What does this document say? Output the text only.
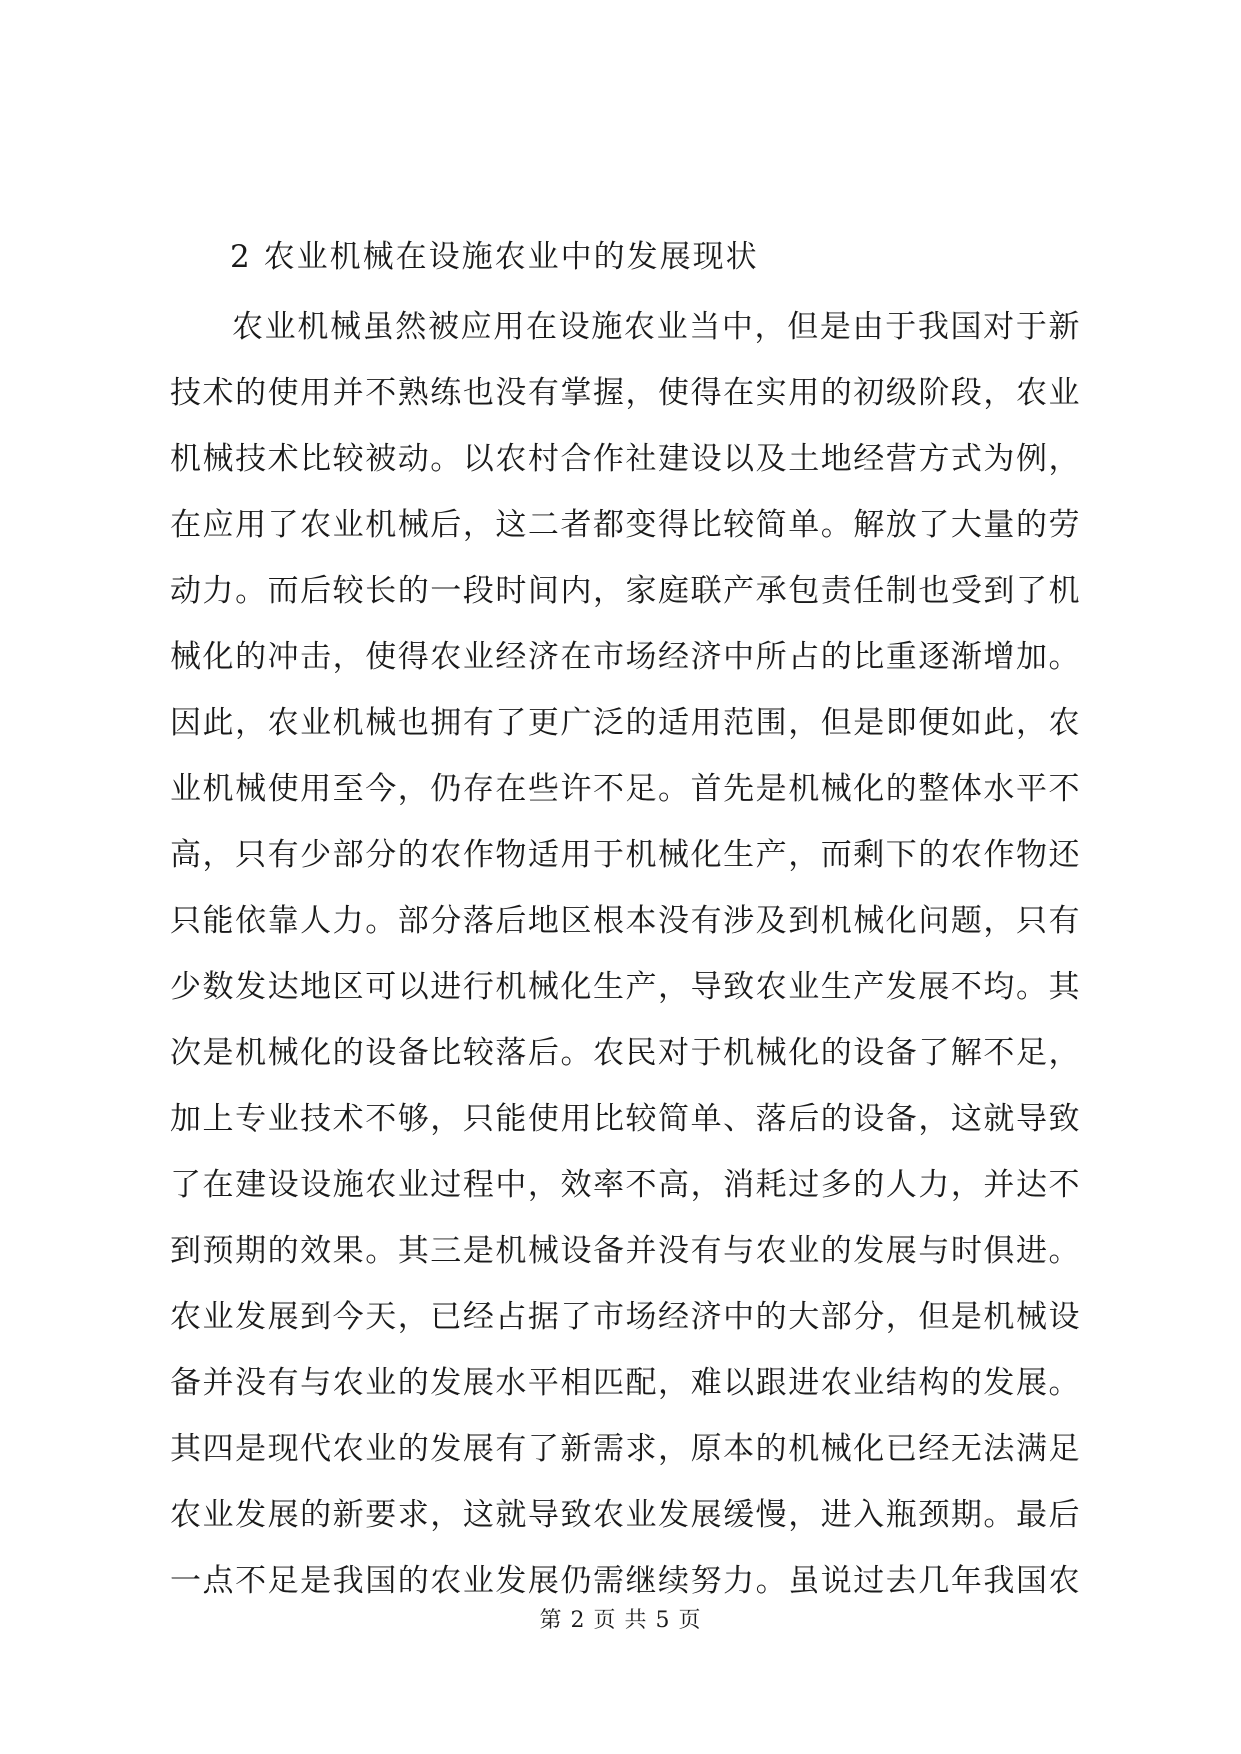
2 农业机械在设施农业中的发展现状
农业机械虽然被应用在设施农业当中，但是由于我国对于新
技术的使用并不熟练也没有掌握，使得在实用的初级阶段，农业
机械技术比较被动。以农村合作社建设以及土地经营方式为例，
在应用了农业机械后，这二者都变得比较简单。解放了大量的劳
动力。而后较长的一段时间内，家庭联产承包责任制也受到了机
械化的冲击，使得农业经济在市场经济中所占的比重逐渐增加。
因此，农业机械也拥有了更广泛的适用范围，但是即便如此，农
业机械使用至今，仍存在些许不足。首先是机械化的整体水平不
高，只有少部分的农作物适用于机械化生产，而剩下的农作物还
只能依靠人力。部分落后地区根本没有涉及到机械化问题，只有
少数发达地区可以进行机械化生产，导致农业生产发展不均。其
次是机械化的设备比较落后。农民对于机械化的设备了解不足，
加上专业技术不够，只能使用比较简单、落后的设备，这就导致
了在建设设施农业过程中，效率不高，消耗过多的人力，并达不
到预期的效果。其三是机械设备并没有与农业的发展与时俱进。
农业发展到今天，已经占据了市场经济中的大部分，但是机械设
备并没有与农业的发展水平相匹配，难以跟进农业结构的发展。
其四是现代农业的发展有了新需求，原本的机械化已经无法满足
农业发展的新要求，这就导致农业发展缓慢，进入瓶颈期。最后
一点不足是我国的农业发展仍需继续努力。虽说过去几年我国农
第 2 页 共 5 页
